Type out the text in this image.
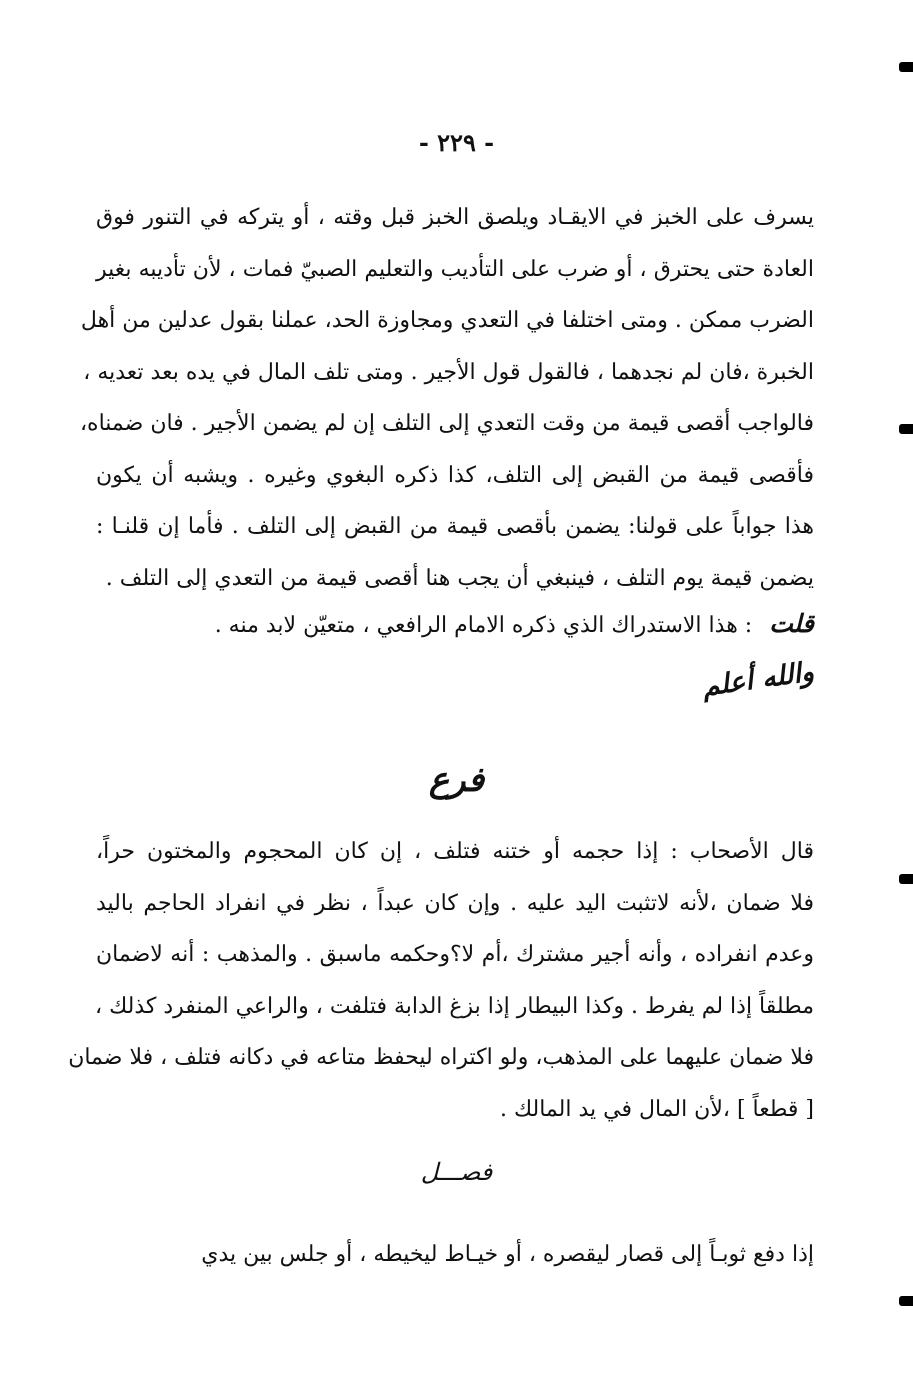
- ٢٢٩ -
يسرف على الخبز في الايقـاد ويلصق الخبز قبل وقته ، أو يتركه في التنور فوق
العادة حتى يحترق ، أو ضرب على التأديب والتعليم الصبيّ فمات ، لأن تأديبه بغير
الضرب ممكن . ومتى اختلفا في التعدي ومجاوزة الحد، عملنا بقول عدلين من أهل
الخبرة ،فان لم نجدهما ، فالقول قول الأجير . ومتى تلف المال في يده بعد تعديه ،
فالواجب أقصى قيمة من وقت التعدي إلى التلف إن لم يضمن الأجير . فان ضمناه،
فأقصى قيمة من القبض إلى التلف، كذا ذكره البغوي وغيره . ويشبه أن يكون
هذا جواباً على قولنا: يضمن بأقصى قيمة من القبض إلى التلف . فأما إن قلنـا :
يضمن قيمة يوم التلف ، فينبغي أن يجب هنا أقصى قيمة من التعدي إلى التلف .
قلت : هذا الاستدراك الذي ذكره الامام الرافعي ، متعيّن لابد منه .
والله أعلم
فرع
قال الأصحاب : إذا حجمه أو ختنه فتلف ، إن كان المحجوم والمختون حراً،
فلا ضمان ،لأنه لاتثبت اليد عليه . وإن كان عبداً ، نظر في انفراد الحاجم باليد
وعدم انفراده ، وأنه أجير مشترك ،أم لا؟وحكمه ماسبق . والمذهب : أنه لاضمان
مطلقاً إذا لم يفرط . وكذا البيطار إذا بزغ الدابة فتلفت ، والراعي المنفرد كذلك ،
فلا ضمان عليهما على المذهب، ولو اكتراه ليحفظ متاعه في دكانه فتلف ، فلا ضمان
[ قطعاً ] ،لأن المال في يد المالك .
فصـــل
إذا دفع ثوبـاً إلى قصار ليقصره ، أو خيـاط ليخيطه ، أو جلس بين يدي
